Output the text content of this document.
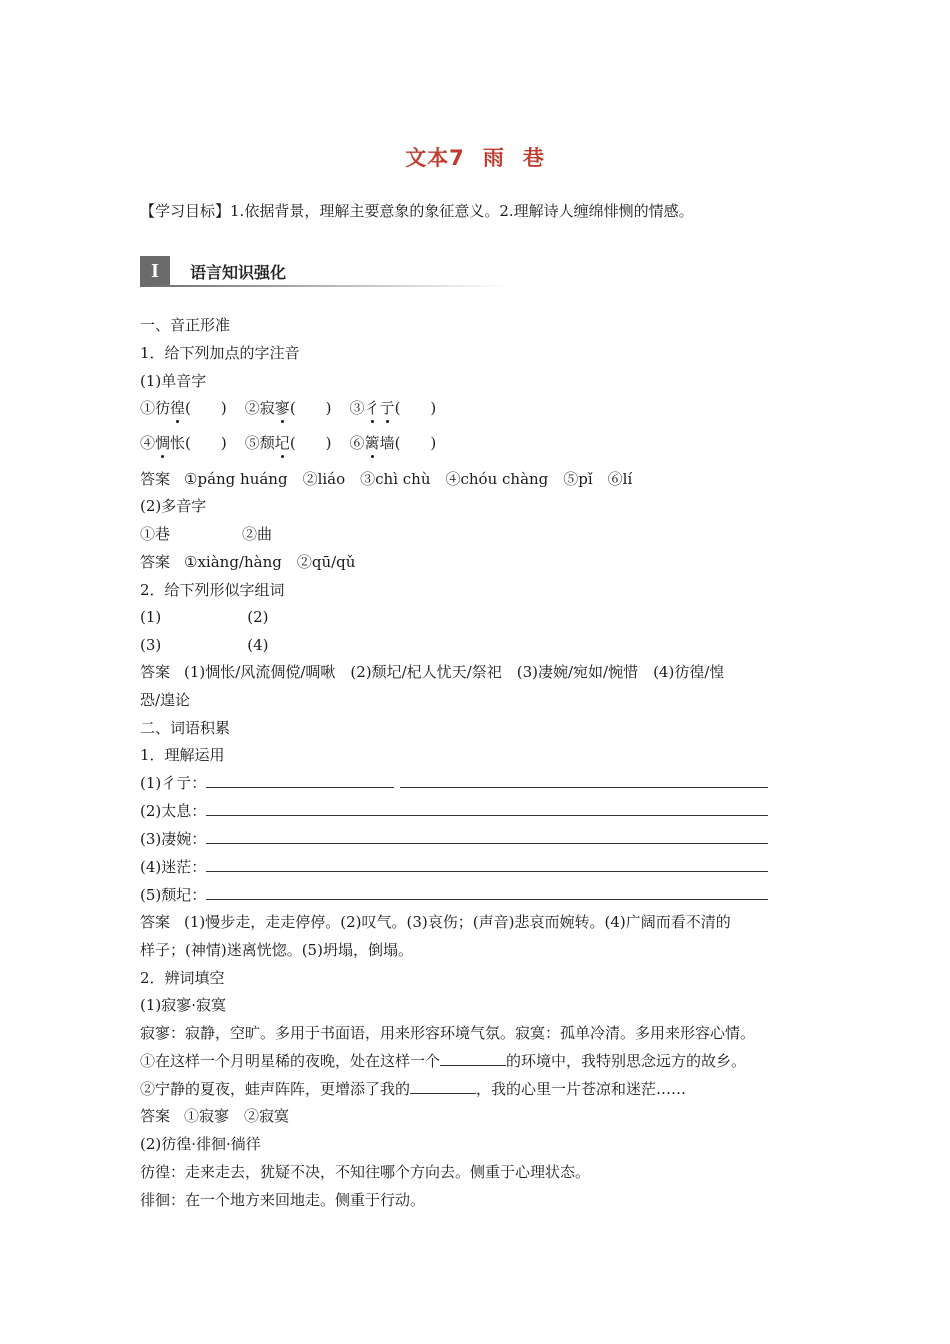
文本7 雨 巷
【学习目标】1.依据背景，理解主要意象的象征意义。2.理解诗人缠绵悱恻的情感。
I	语言知识强化
一、音正形准
1．给下列加点的字注音
(1)单音字
①彷徨(　　) ②寂寥(　　) ③彳亍(　　)
④惆怅(　　) ⑤颓圮(　　) ⑥篱墙(　　)
答案 ①páng huáng　②liáo　③chì chù　④chóu chàng　⑤pǐ　⑥lí
(2)多音字
①巷	②曲
答案 ①xiàng/hàng　②qū/qǔ
2．给下列形似字组词
(1)	(2)
(3)	(4)
答案 (1)惆怅/风流倜傥/啁啾　(2)颓圮/杞人忧天/祭祀　(3)凄婉/宛如/惋惜　(4)彷徨/惶
恐/遑论
二、词语积累
1．理解运用
(1)彳亍：
(2)太息：
(3)凄婉：
(4)迷茫：
(5)颓圮：
答案 (1)慢步走，走走停停。(2)叹气。(3)哀伤；(声音)悲哀而婉转。(4)广阔而看不清的
样子；(神情)迷离恍惚。(5)坍塌，倒塌。
2．辨词填空
(1)寂寥·寂寞
寂寥：寂静，空旷。多用于书面语，用来形容环境气氛。寂寞：孤单冷清。多用来形容心情。
①在这样一个月明星稀的夜晚，处在这样一个	的环境中，我特别思念远方的故乡。
②宁静的夏夜，蛙声阵阵，更增添了我的	，我的心里一片苍凉和迷茫……
答案 ①寂寥　②寂寞
(2)彷徨·徘徊·徜徉
彷徨：走来走去，犹疑不决，不知往哪个方向去。侧重于心理状态。
徘徊：在一个地方来回地走。侧重于行动。
